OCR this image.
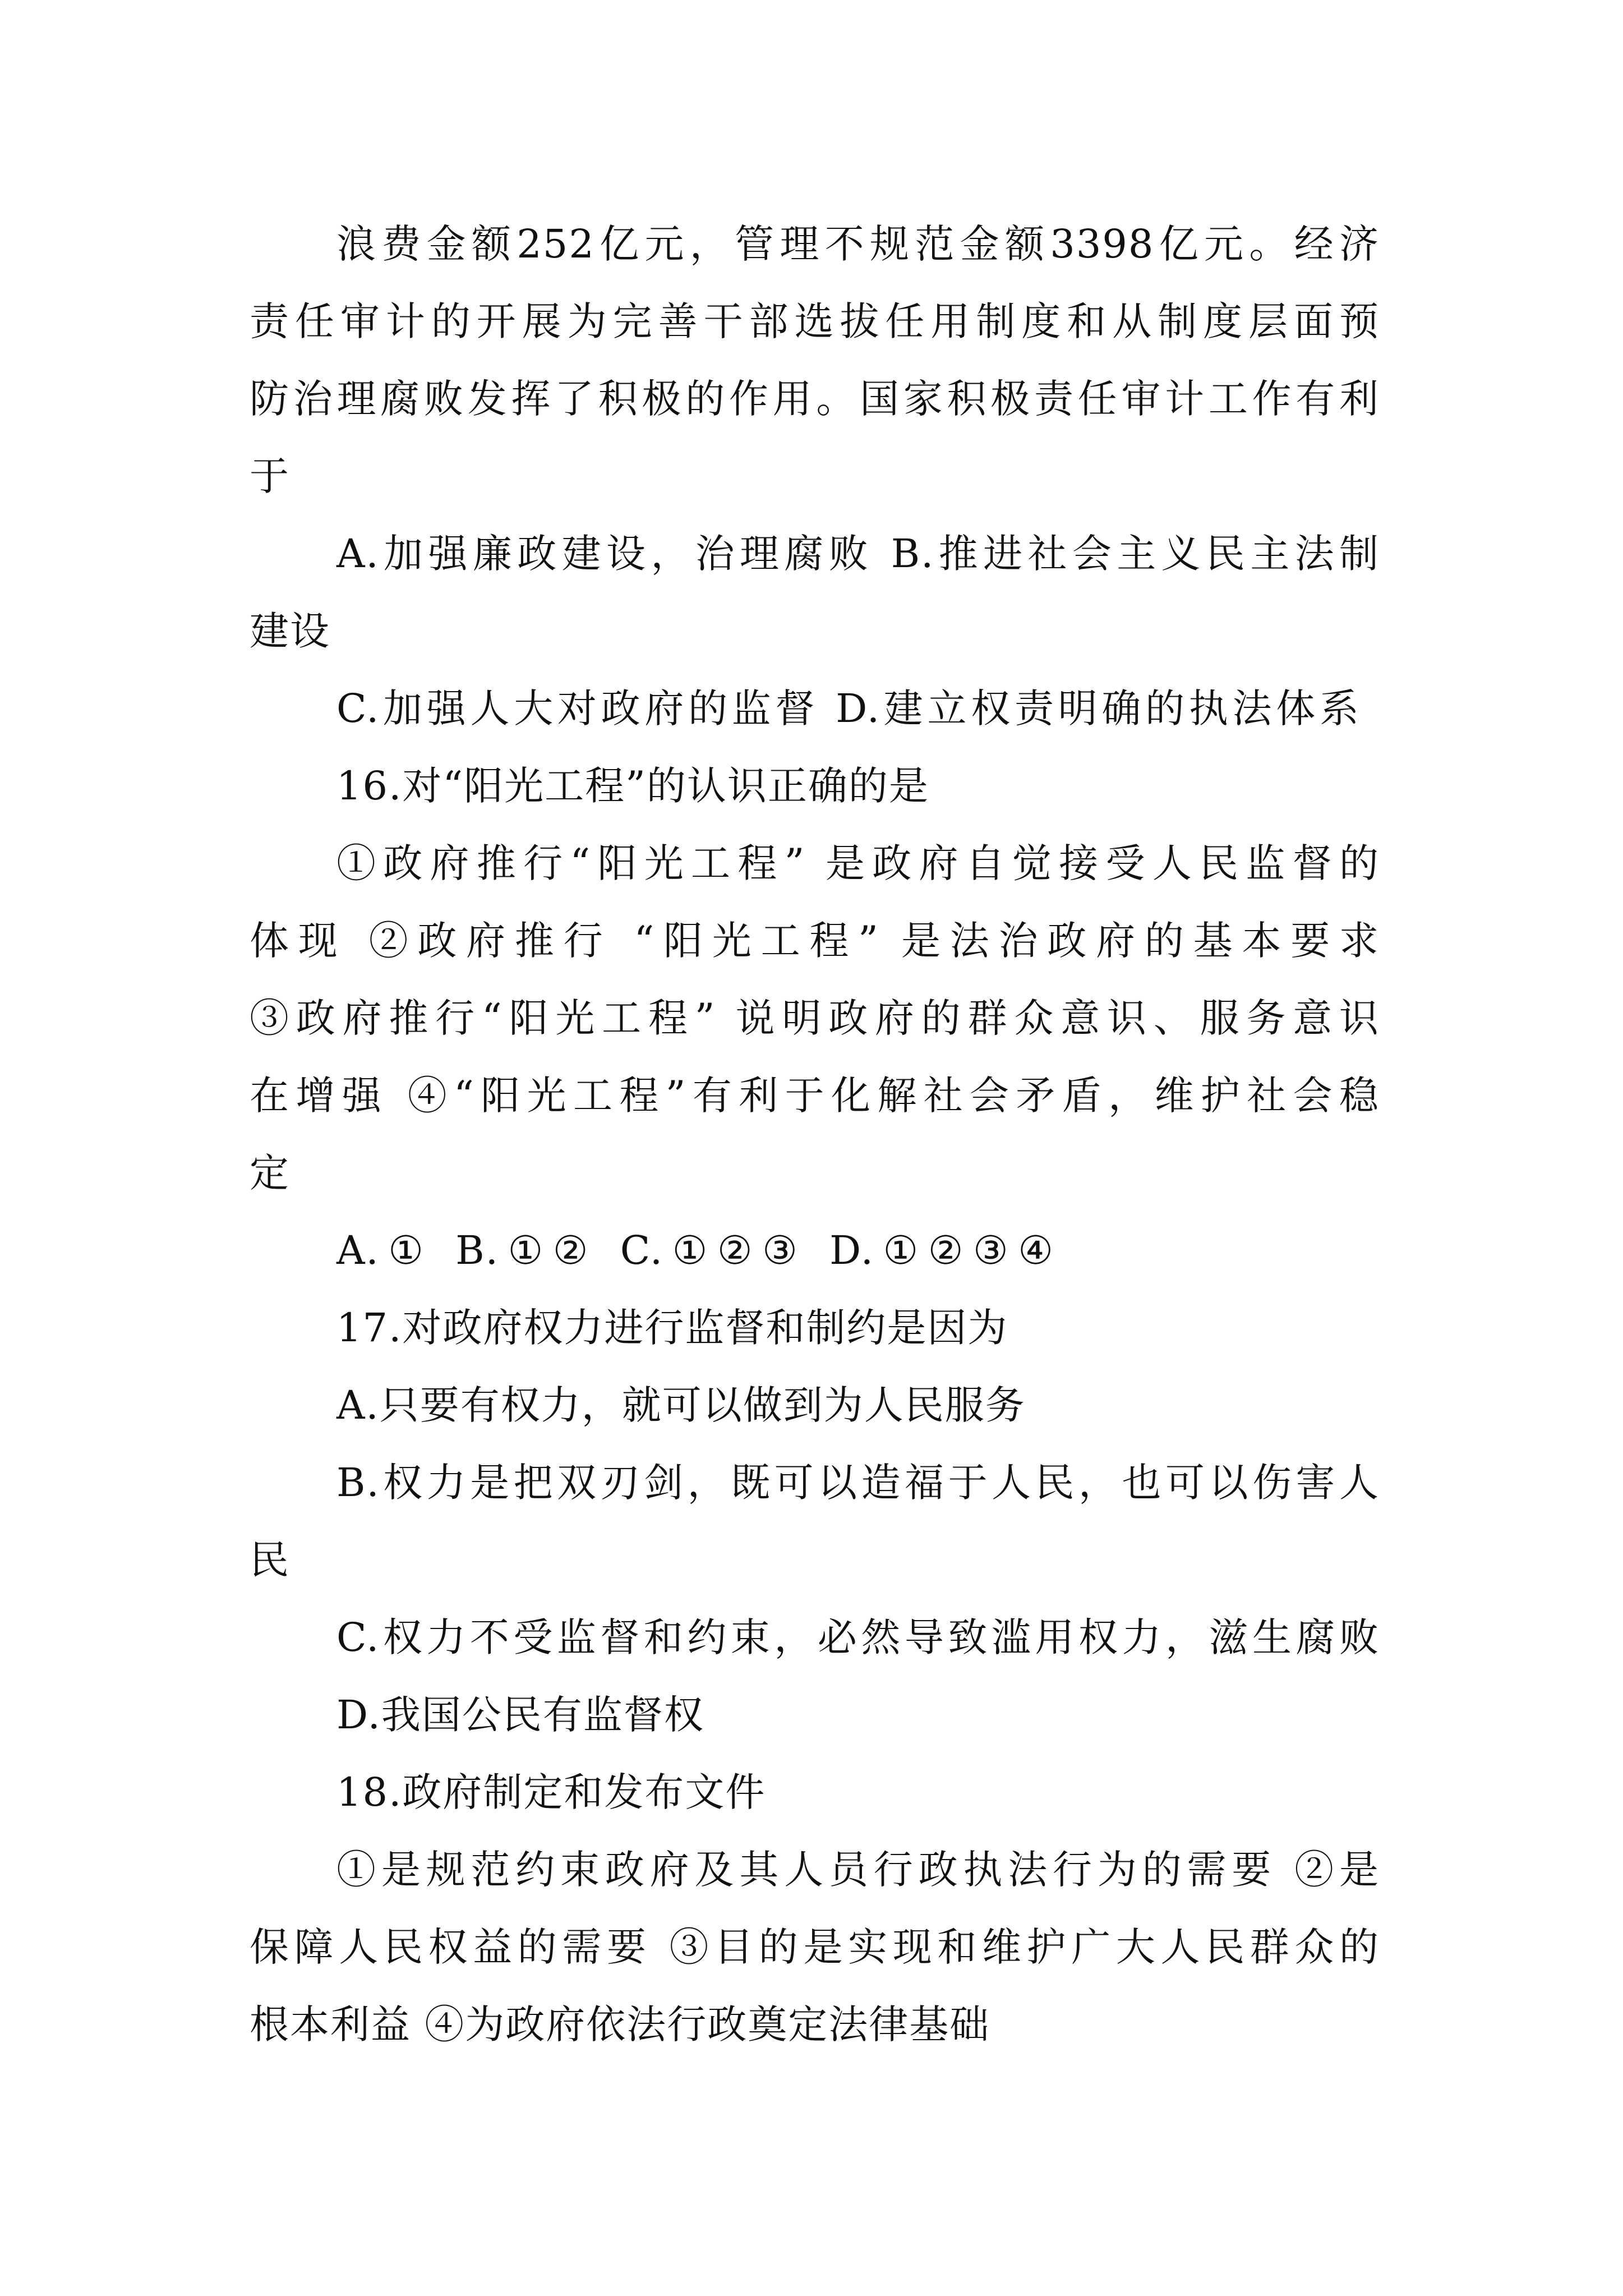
浪费金额252亿元，管理不规范金额3398亿元。经济
责任审计的开展为完善干部选拔任用制度和从制度层面预
防治理腐败发挥了积极的作用。国家积极责任审计工作有利
于
A.加强廉政建设，治理腐败 B.推进社会主义民主法制
建设
C.加强人大对政府的监督 D.建立权责明确的执法体系
16.对“阳光工程”的认识正确的是
①政府推行“阳光工程” 是政府自觉接受人民监督的
体现 ②政府推行 “阳光工程” 是法治政府的基本要求
③政府推行“阳光工程” 说明政府的群众意识、服务意识
在增强 ④“阳光工程”有利于化解社会矛盾，维护社会稳
定
A.① B.①② C.①②③ D.①②③④
17.对政府权力进行监督和制约是因为
A.只要有权力，就可以做到为人民服务
B.权力是把双刃剑，既可以造福于人民，也可以伤害人
民
C.权力不受监督和约束，必然导致滥用权力，滋生腐败
D.我国公民有监督权
18.政府制定和发布文件
①是规范约束政府及其人员行政执法行为的需要 ②是
保障人民权益的需要 ③目的是实现和维护广大人民群众的
根本利益 ④为政府依法行政奠定法律基础
